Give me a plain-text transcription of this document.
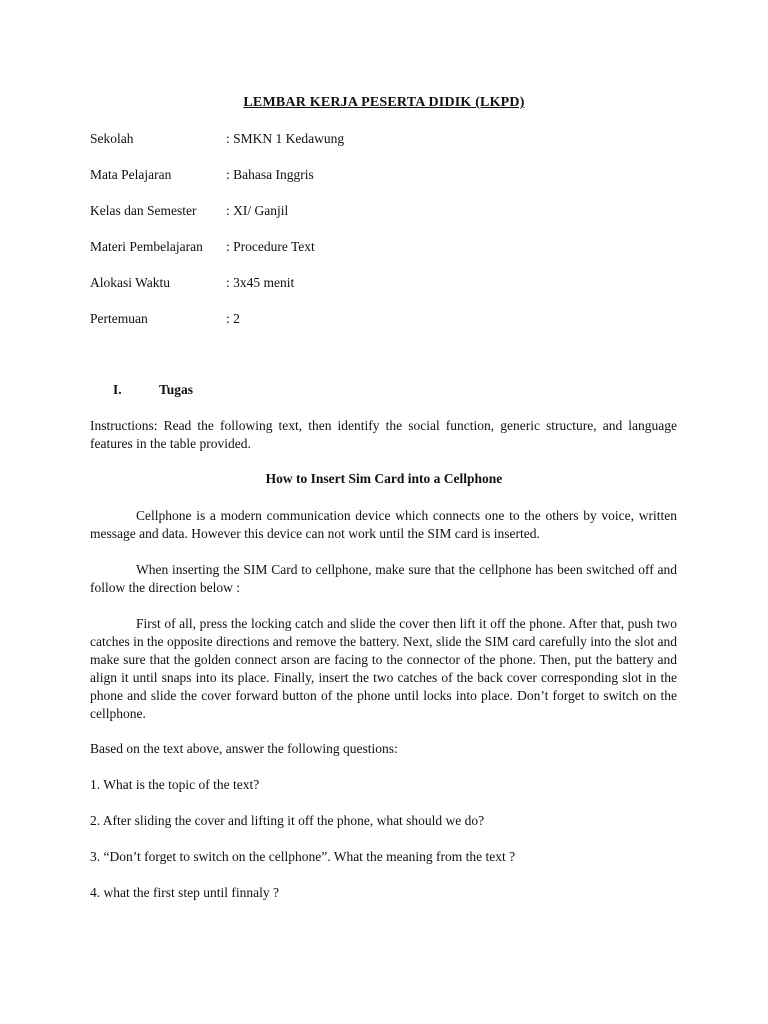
LEMBAR KERJA PESERTA DIDIK (LKPD)
Sekolah	: SMKN 1 Kedawung
Mata Pelajaran	: Bahasa Inggris
Kelas dan Semester : XI/ Ganjil
Materi Pembelajaran : Procedure Text
Alokasi Waktu	: 3x45 menit
Pertemuan	: 2
I.	Tugas
Instructions: Read the following text, then identify the social function, generic structure, and language features in the table provided.
How to Insert Sim Card into a Cellphone
Cellphone is a modern communication device which connects one to the others by voice, written message and data. However this device can not work until the SIM card is inserted.
When inserting the SIM Card to cellphone, make sure that the cellphone has been switched off and follow the direction below :
First of all, press the locking catch and slide the cover then lift it off the phone. After that, push two catches in the opposite directions and remove the battery. Next, slide the SIM card carefully into the slot and make sure that the golden connect arson are facing to the connector of the phone. Then, put the battery and align it until snaps into its place. Finally, insert the two catches of the back cover corresponding slot in the phone and slide the cover forward button of the phone until locks into place. Don’t forget to switch on the cellphone.
Based on the text above, answer the following questions:
1. What is the topic of the text?
2. After sliding the cover and lifting it off the phone, what should we do?
3. “Don’t forget to switch on the cellphone”. What the meaning from the text ?
4. what the first step until finnaly ?
